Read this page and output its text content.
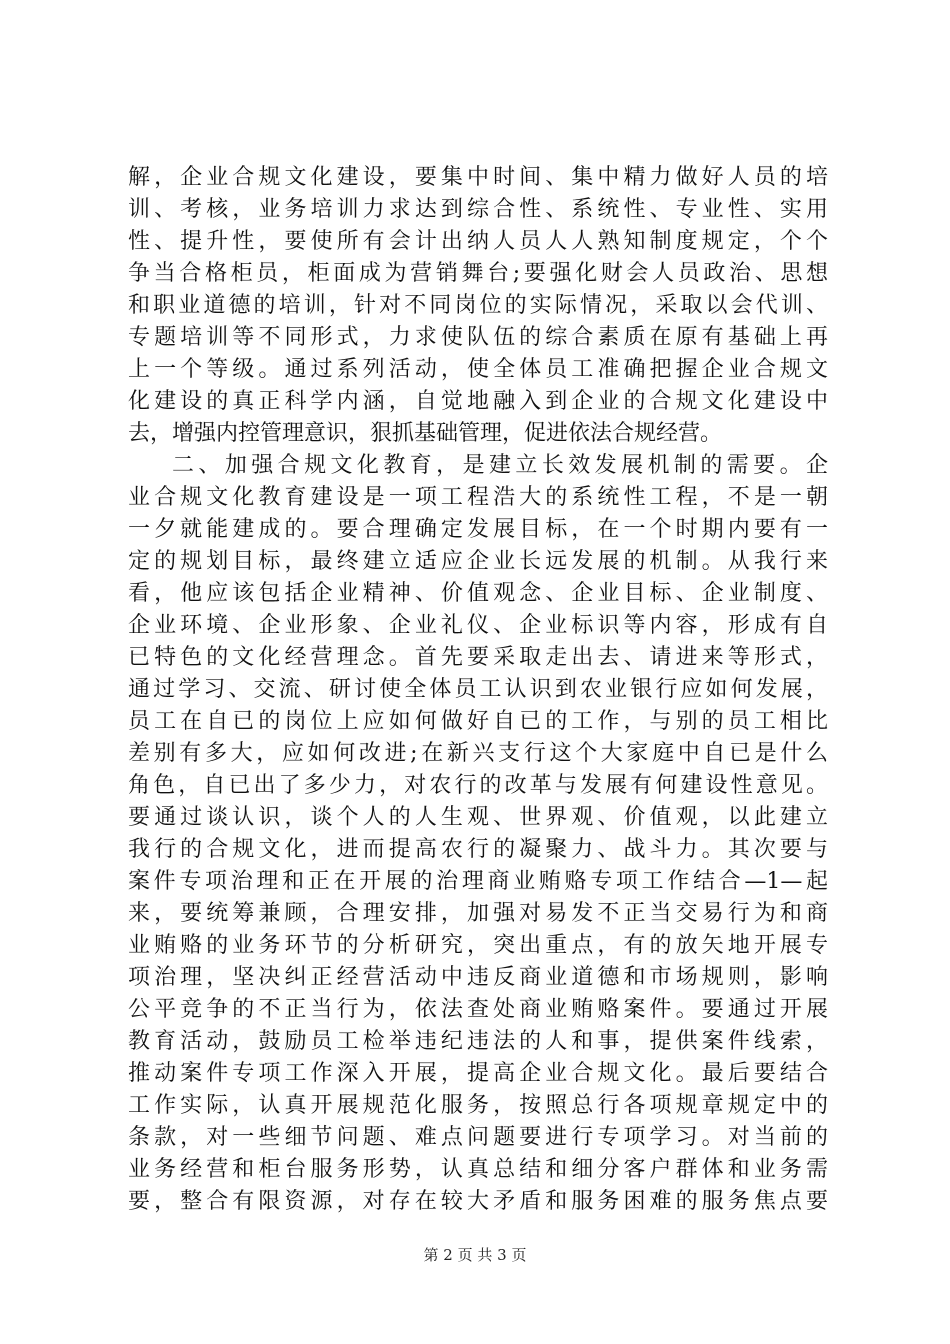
解，企业合规文化建设，要集中时间、集中精力做好人员的培
训、考核，业务培训力求达到综合性、系统性、专业性、实用
性、提升性，要使所有会计出纳人员人人熟知制度规定，个个
争当合格柜员，柜面成为营销舞台;要强化财会人员政治、思想
和职业道德的培训，针对不同岗位的实际情况，采取以会代训、
专题培训等不同形式，力求使队伍的综合素质在原有基础上再
上一个等级。通过系列活动，使全体员工准确把握企业合规文
化建设的真正科学内涵，自觉地融入到企业的合规文化建设中
去，增强内控管理意识，狠抓基础管理，促进依法合规经营。
二、加强合规文化教育，是建立长效发展机制的需要。企
业合规文化教育建设是一项工程浩大的系统性工程，不是一朝
一夕就能建成的。要合理确定发展目标，在一个时期内要有一
定的规划目标，最终建立适应企业长远发展的机制。从我行来
看，他应该包括企业精神、价值观念、企业目标、企业制度、
企业环境、企业形象、企业礼仪、企业标识等内容，形成有自
已特色的文化经营理念。首先要采取走出去、请进来等形式，
通过学习、交流、研讨使全体员工认识到农业银行应如何发展，
员工在自已的岗位上应如何做好自已的工作，与别的员工相比
差别有多大，应如何改进;在新兴支行这个大家庭中自已是什么
角色，自已出了多少力，对农行的改革与发展有何建设性意见。
要通过谈认识，谈个人的人生观、世界观、价值观，以此建立
我行的合规文化，进而提高农行的凝聚力、战斗力。其次要与
案件专项治理和正在开展的治理商业贿赂专项工作结合—1—起
来，要统筹兼顾，合理安排，加强对易发不正当交易行为和商
业贿赂的业务环节的分析研究，突出重点，有的放矢地开展专
项治理，坚决纠正经营活动中违反商业道德和市场规则，影响
公平竞争的不正当行为，依法查处商业贿赂案件。要通过开展
教育活动，鼓励员工检举违纪违法的人和事，提供案件线索，
推动案件专项工作深入开展，提高企业合规文化。最后要结合
工作实际，认真开展规范化服务，按照总行各项规章规定中的
条款，对一些细节问题、难点问题要进行专项学习。对当前的
业务经营和柜台服务形势，认真总结和细分客户群体和业务需
要，整合有限资源，对存在较大矛盾和服务困难的服务焦点要
第 2 页 共 3 页
